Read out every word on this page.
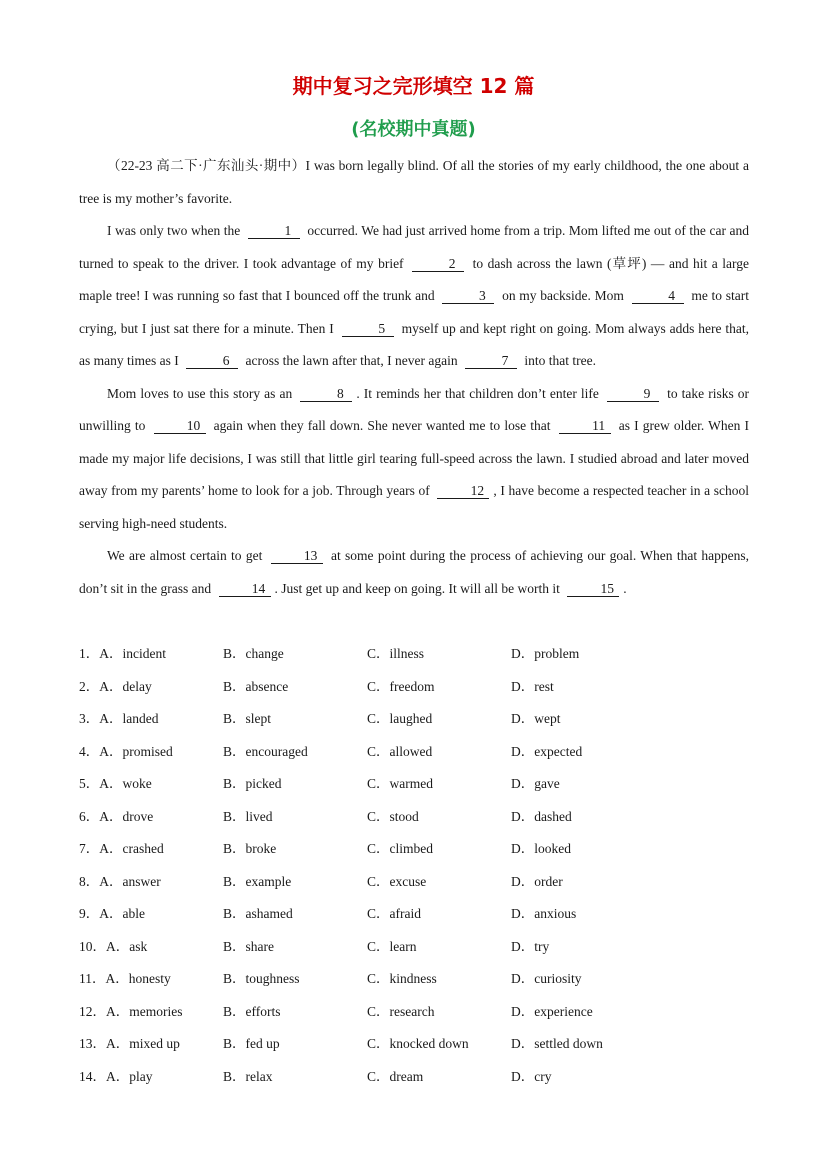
期中复习之完形填空 12 篇
(名校期中真题)

（22-23 高二下·广东汕头·期中）I was born legally blind. Of all the stories of my early childhood, the one about a tree is my mother’s favorite.

I was only two when the	1 occurred. We had just arrived home from a trip. Mom lifted me out of the car and turned to speak to the driver. I took advantage of my brief	2 to dash across the lawn (草坪) — and hit a large maple tree! I was running so fast that I bounced off the trunk and	3 on my backside. Mom	4 me to start crying, but I just sat there for a minute. Then I	5 myself up and kept right on going. Mom always adds here that, as many times as I	6 across the lawn after that, I never again	7 into that tree.

Mom loves to use this story as an	8 . It reminds her that children don’t enter life	9 to take risks or unwilling to	10 again when they fall down. She never wanted me to lose that	11 as I grew older. When I made my major life decisions, I was still that little girl tearing full-speed across the lawn. I studied abroad and later moved away from my parents’ home to look for a job. Through years of	12 , I have become a respected teacher in a school serving high-need students.

We are almost certain to get	13 at some point during the process of achieving our goal. When that happens, don’t sit in the grass and	14 . Just get up and keep on going. It will all be worth it	15 .

1．A．incident	B．change	C．illness	D．problem
2．A．delay	B．absence	C．freedom	D．rest
3．A．landed	B．slept	C．laughed	D．wept
4．A．promised	B．encouraged	C．allowed	D．expected
5．A．woke	B．picked	C．warmed	D．gave
6．A．drove	B．lived	C．stood	D．dashed
7．A．crashed	B．broke	C．climbed	D．looked
8．A．answer	B．example	C．excuse	D．order
9．A．able	B．ashamed	C．afraid	D．anxious
10．A．ask	B．share	C．learn	D．try
11．A．honesty	B．toughness	C．kindness	D．curiosity
12．A．memories	B．efforts	C．research	D．experience
13．A．mixed up	B．fed up	C．knocked down	D．settled down
14．A．play	B．relax	C．dream	D．cry
